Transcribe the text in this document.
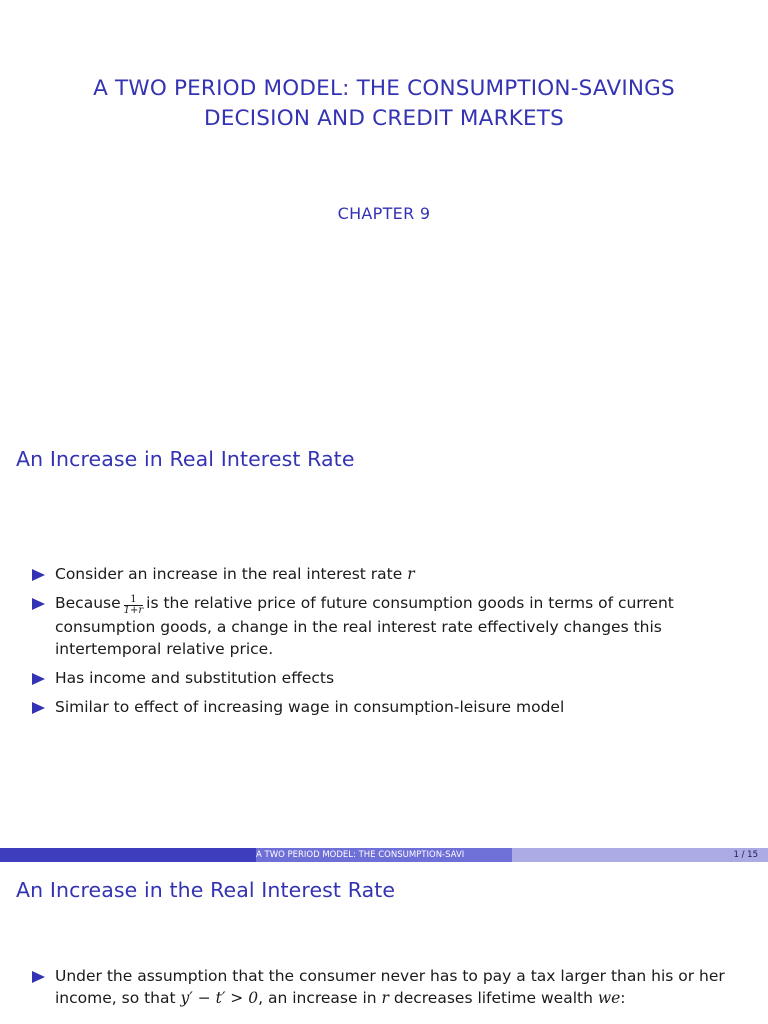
A TWO PERIOD MODEL: THE CONSUMPTION-SAVINGS
DECISION AND CREDIT MARKETS
CHAPTER 9
An Increase in Real Interest Rate
Consider an increase in the real interest rate r
Because $\frac{1}{1+r}$ is the relative price of future consumption goods in terms of current consumption goods, a change in the real interest rate effectively changes this intertemporal relative price.
Has income and substitution effects
Similar to effect of increasing wage in consumption-leisure model
A TWO PERIOD MODEL: THE CONSUMPTION-SAVI	1 / 15
An Increase in the Real Interest Rate
Under the assumption that the consumer never has to pay a tax larger than his or her income, so that y′ − t′ > 0, an increase in r decreases lifetime wealth we:
